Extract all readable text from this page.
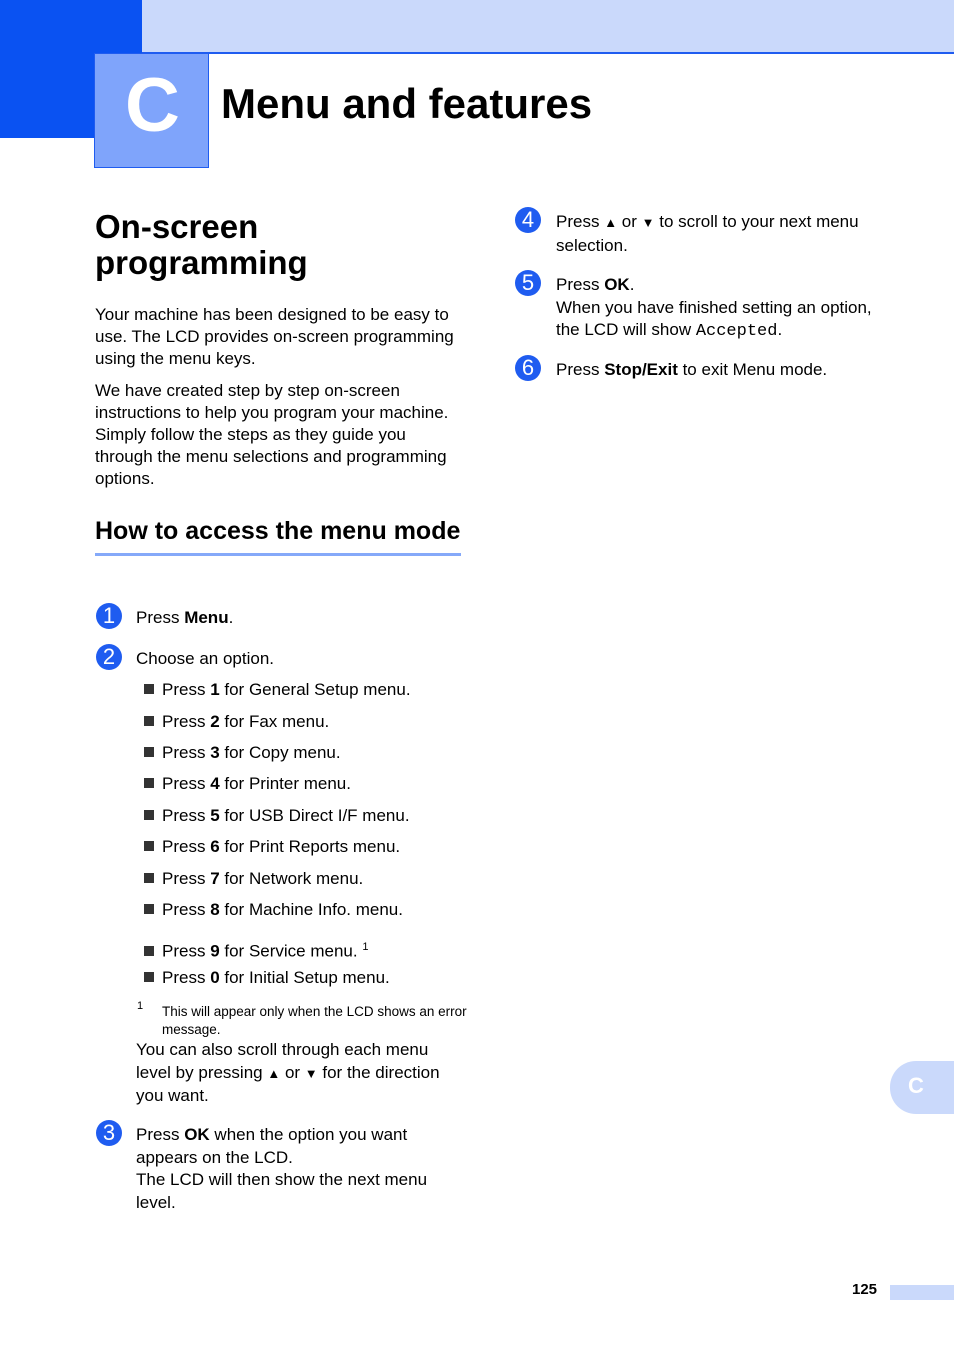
C Menu and features
On-screen programming
Your machine has been designed to be easy to use. The LCD provides on-screen programming using the menu keys.
We have created step by step on-screen instructions to help you program your machine. Simply follow the steps as they guide you through the menu selections and programming options.
How to access the menu mode
1	Press Menu.
2	Choose an option.
Press 1 for General Setup menu.
Press 2 for Fax menu.
Press 3 for Copy menu.
Press 4 for Printer menu.
Press 5 for USB Direct I/F menu.
Press 6 for Print Reports menu.
Press 7 for Network menu.
Press 8 for Machine Info. menu.
Press 9 for Service menu. $^1$
Press 0 for Initial Setup menu.
1 This will appear only when the LCD shows an error message.
You can also scroll through each menu level by pressing ▲ or ▼ for the direction you want.
3	Press OK when the option you want appears on the LCD.
The LCD will then show the next menu level.
4	Press ▲ or ▼ to scroll to your next menu selection.
5	Press OK.
When you have finished setting an option, the LCD will show Accepted.
6	Press Stop/Exit to exit Menu mode.
C
125
